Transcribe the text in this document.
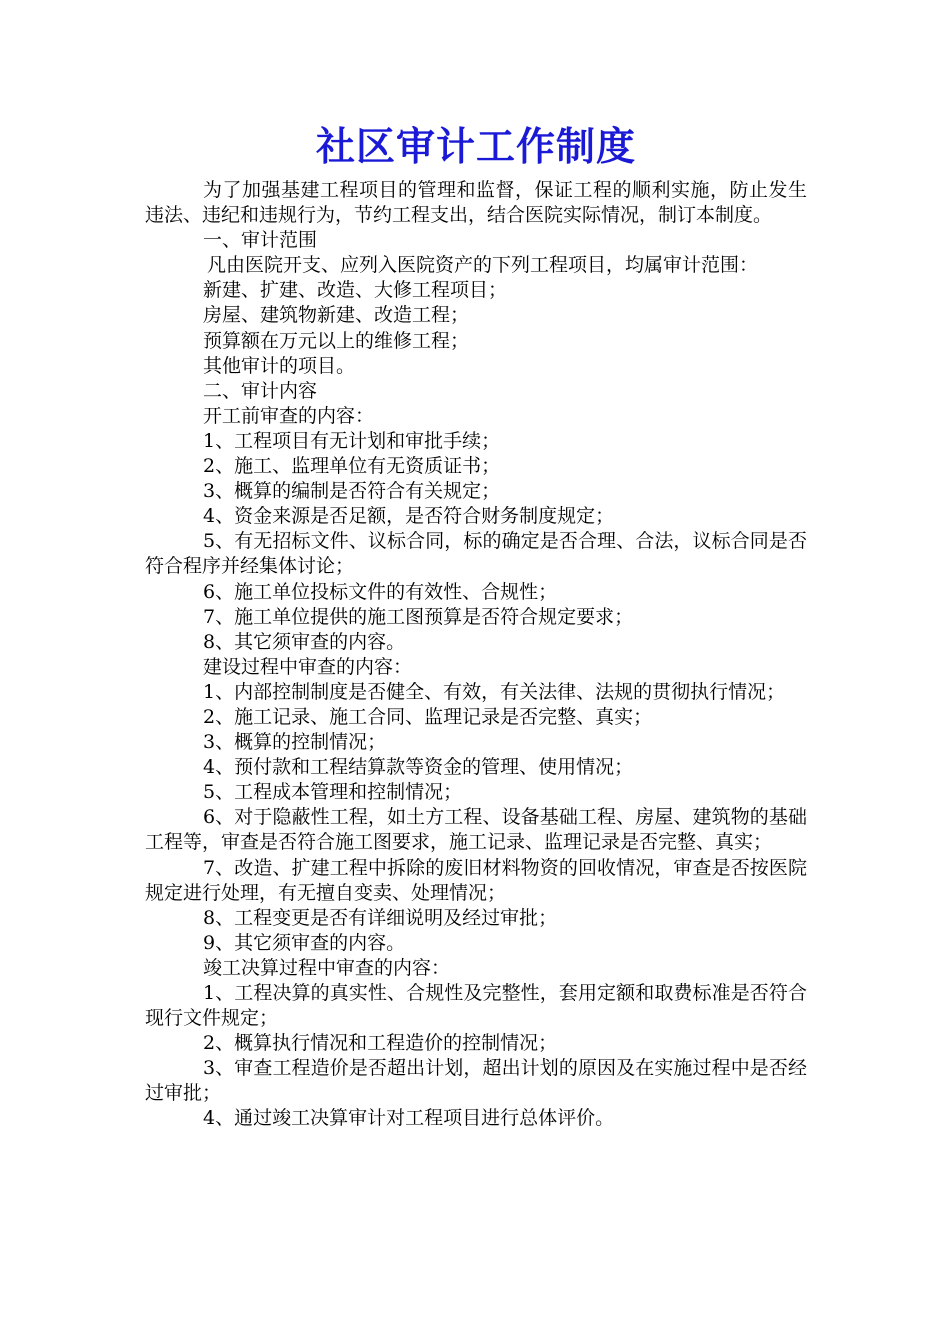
社区审计工作制度

为了加强基建工程项目的管理和监督，保证工程的顺利实施，防止发生违法、违纪和违规行为，节约工程支出，结合医院实际情况，制订本制度。

一、审计范围

凡由医院开支、应列入医院资产的下列工程项目，均属审计范围：

新建、扩建、改造、大修工程项目；

房屋、建筑物新建、改造工程；

预算额在万元以上的维修工程；

其他审计的项目。

二、审计内容

开工前审查的内容：

1、工程项目有无计划和审批手续；

2、施工、监理单位有无资质证书；

3、概算的编制是否符合有关规定；

4、资金来源是否足额，是否符合财务制度规定；

5、有无招标文件、议标合同，标的确定是否合理、合法，议标合同是否符合程序并经集体讨论；

6、施工单位投标文件的有效性、合规性；

7、施工单位提供的施工图预算是否符合规定要求；

8、其它须审查的内容。

建设过程中审查的内容：

1、内部控制制度是否健全、有效，有关法律、法规的贯彻执行情况；

2、施工记录、施工合同、监理记录是否完整、真实；

3、概算的控制情况；

4、预付款和工程结算款等资金的管理、使用情况；

5、工程成本管理和控制情况；

6、对于隐蔽性工程，如土方工程、设备基础工程、房屋、建筑物的基础工程等，审查是否符合施工图要求，施工记录、监理记录是否完整、真实；

7、改造、扩建工程中拆除的废旧材料物资的回收情况，审查是否按医院规定进行处理，有无擅自变卖、处理情况；

8、工程变更是否有详细说明及经过审批；

9、其它须审查的内容。

竣工决算过程中审查的内容：

1、工程决算的真实性、合规性及完整性，套用定额和取费标准是否符合现行文件规定；

2、概算执行情况和工程造价的控制情况；

3、审查工程造价是否超出计划，超出计划的原因及在实施过程中是否经过审批；

4、通过竣工决算审计对工程项目进行总体评价。
